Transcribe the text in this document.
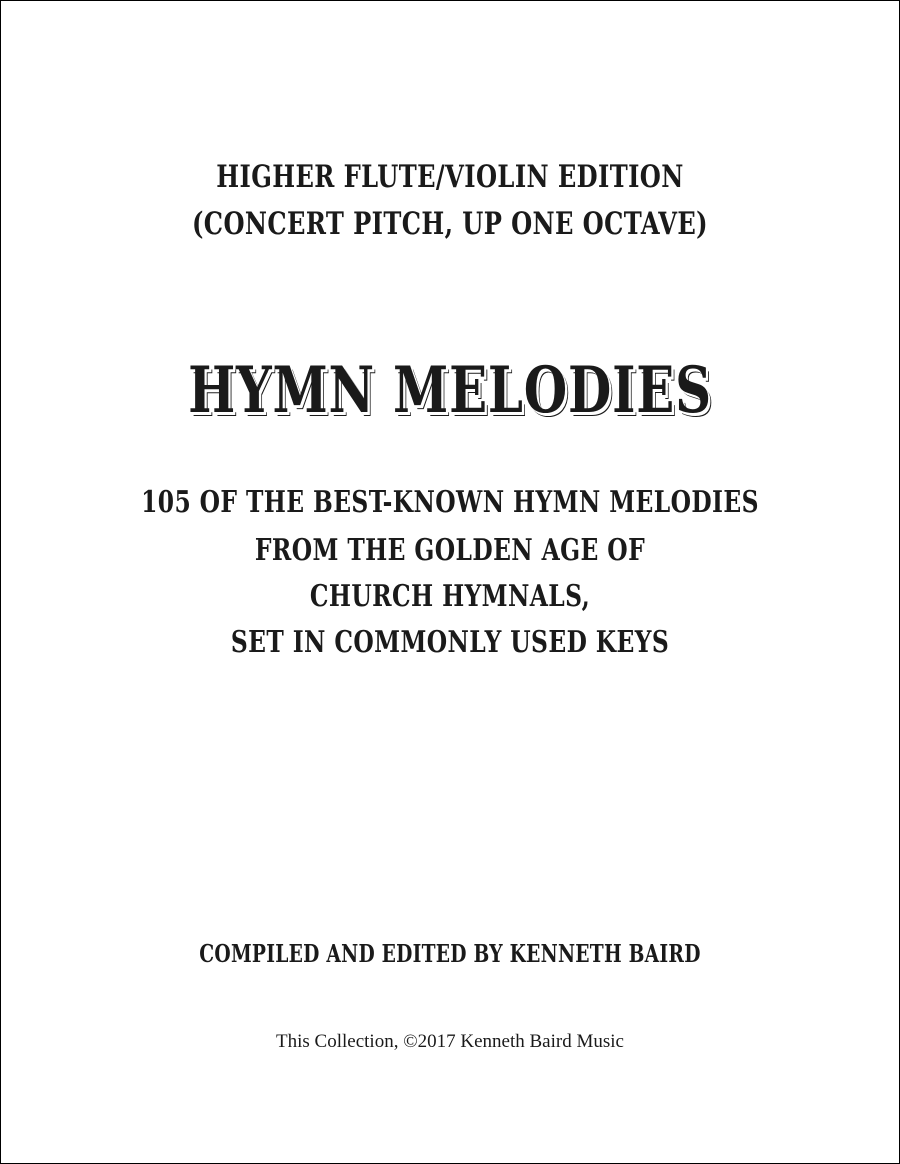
HIGHER FLUTE/VIOLIN EDITION
(CONCERT PITCH, UP ONE OCTAVE)
HYMN MELODIES
105 OF THE BEST-KNOWN HYMN MELODIES
FROM THE GOLDEN AGE OF
CHURCH HYMNALS,
SET IN COMMONLY USED KEYS
COMPILED AND EDITED BY KENNETH BAIRD
This Collection, ©2017 Kenneth Baird Music
